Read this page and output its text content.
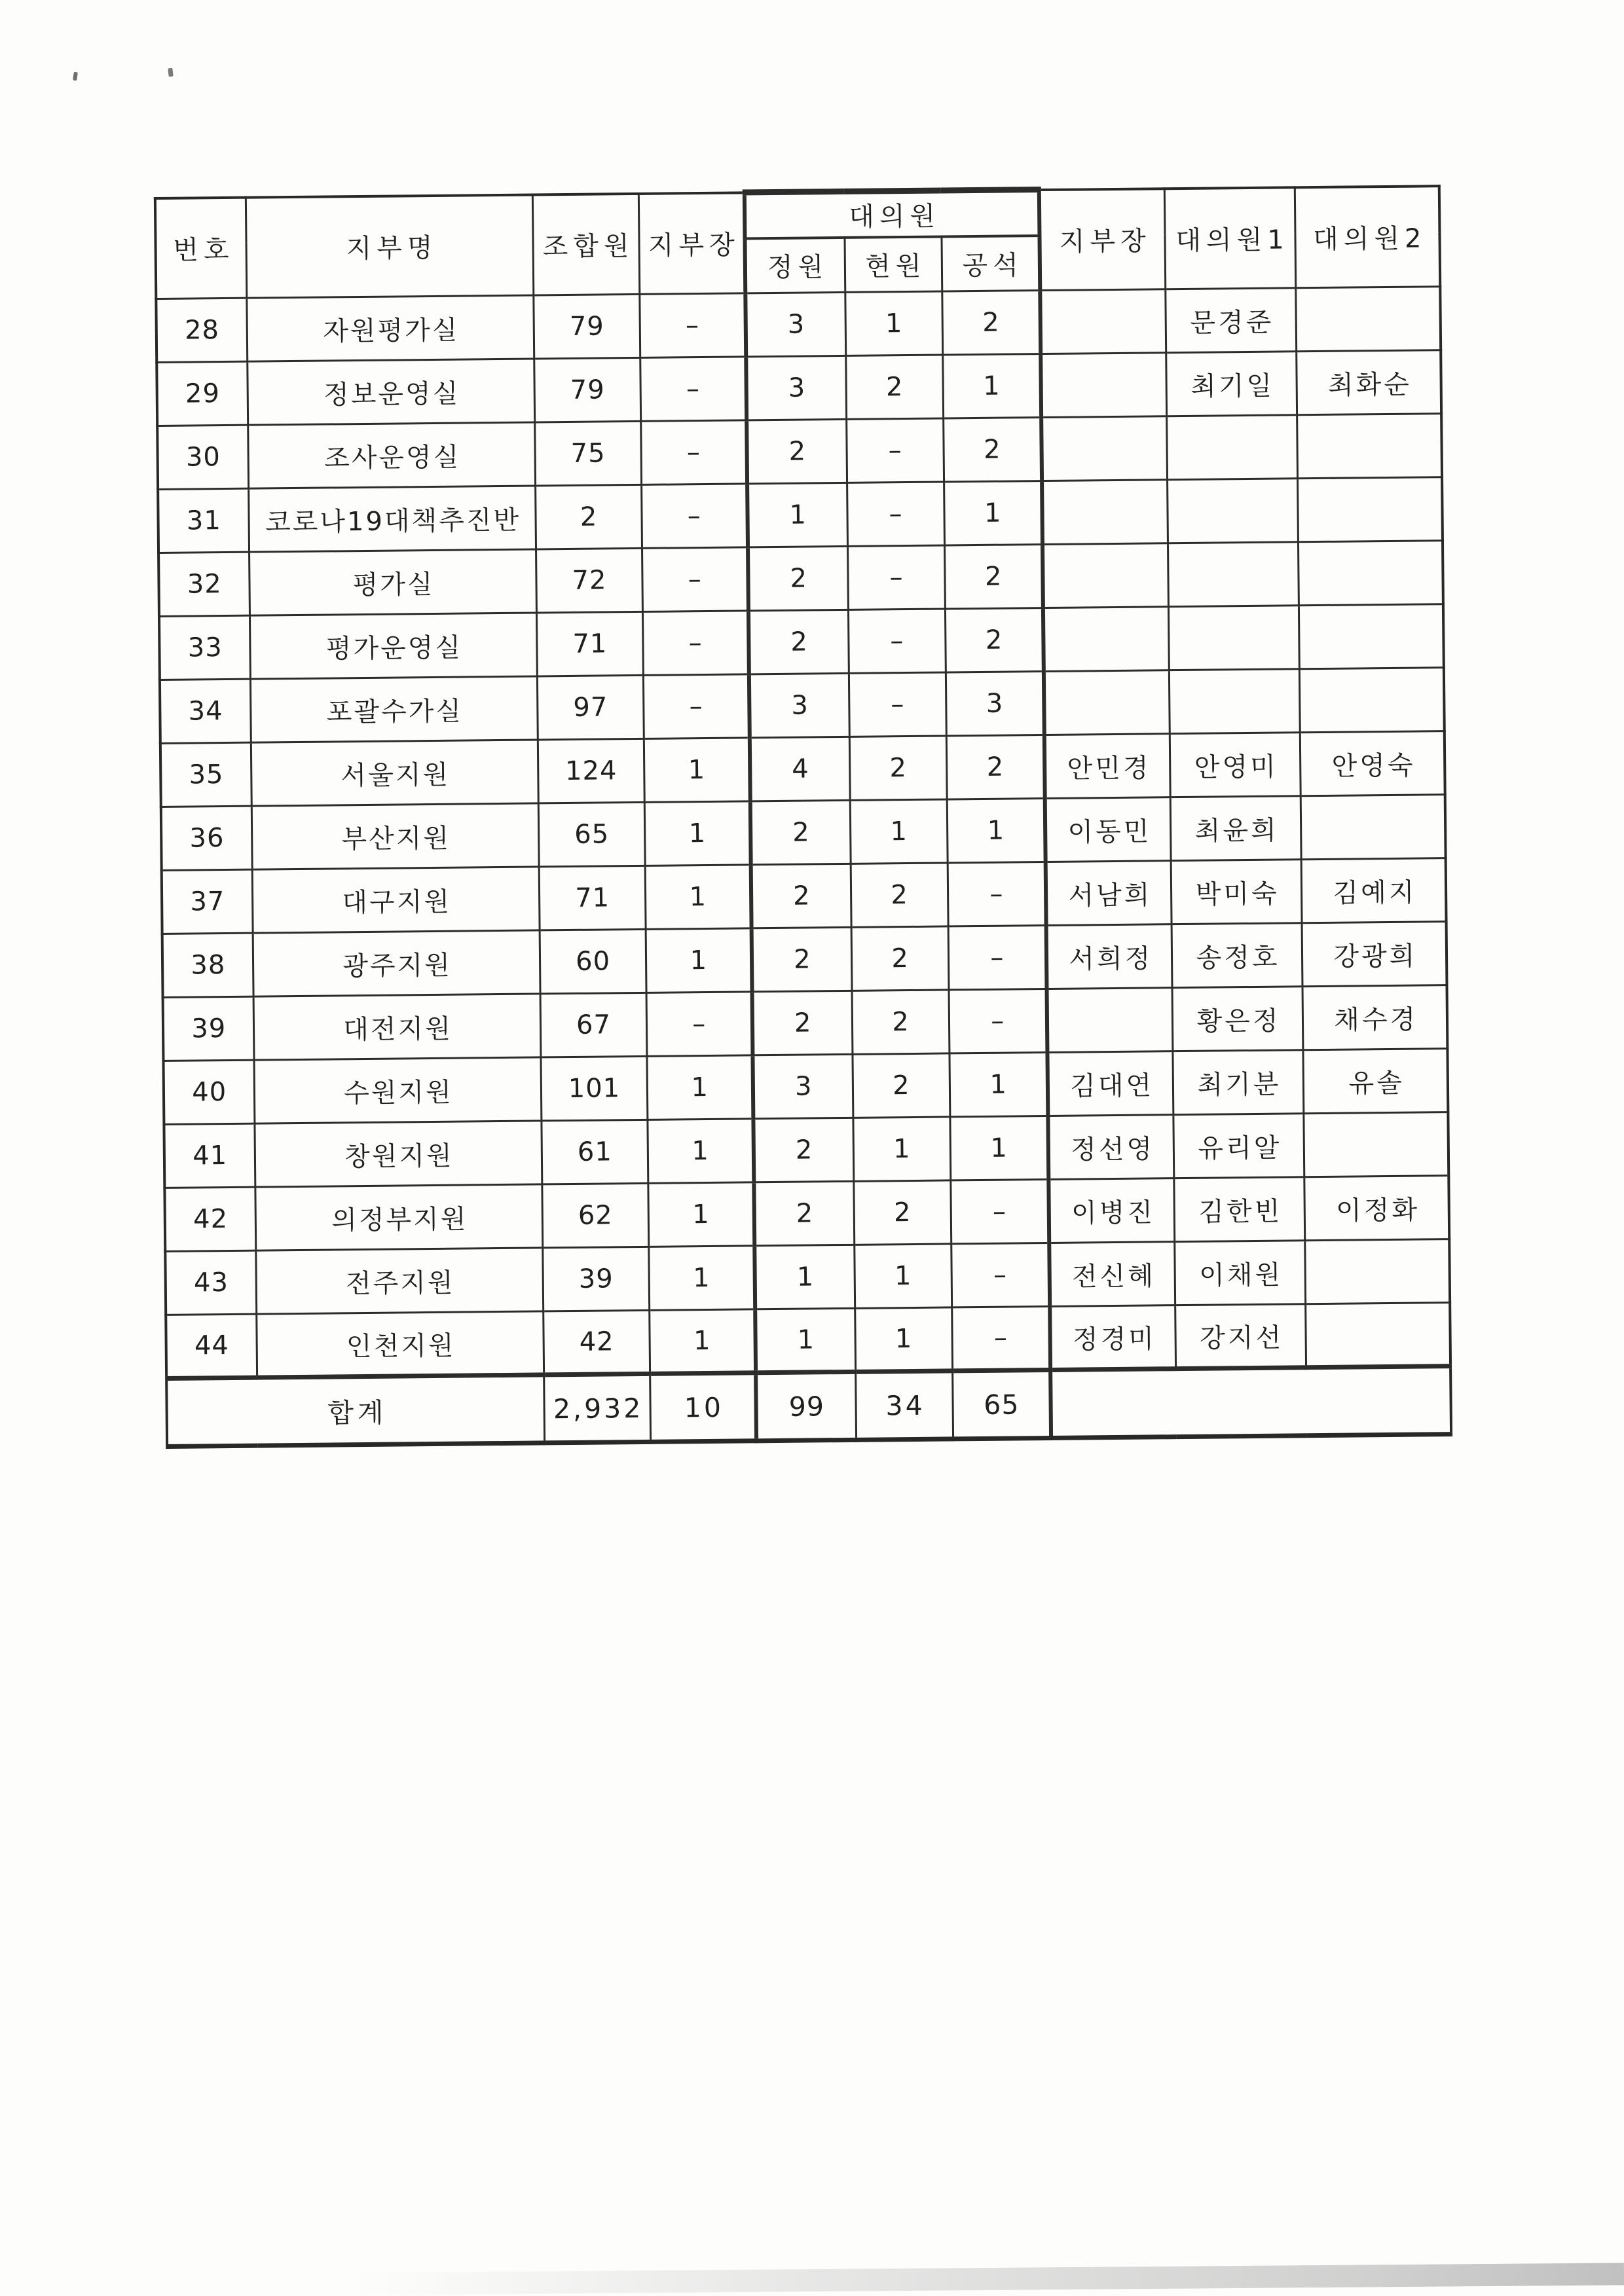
번호	지부명	조합원	지부장	대의원			지부장	대의원1	대의원2
				정원	현원	공석			
28	자원평가실	79	–	3	1	2		문경준	
29	정보운영실	79	–	3	2	1		최기일	최화순
30	조사운영실	75	–	2	–	2			
31	코로나19대책추진반	2	–	1	–	1			
32	평가실	72	–	2	–	2			
33	평가운영실	71	–	2	–	2			
34	포괄수가실	97	–	3	–	3			
35	서울지원	124	1	4	2	2	안민경	안영미	안영숙
36	부산지원	65	1	2	1	1	이동민	최윤희	
37	대구지원	71	1	2	2	–	서남희	박미숙	김예지
38	광주지원	60	1	2	2	–	서희정	송정호	강광희
39	대전지원	67	–	2	2	–		황은정	채수경
40	수원지원	101	1	3	2	1	김대연	최기분	유솔
41	창원지원	61	1	2	1	1	정선영	유리알	
42	의정부지원	62	1	2	2	–	이병진	김한빈	이정화
43	전주지원	39	1	1	1	–	전신혜	이채원	
44	인천지원	42	1	1	1	–	정경미	강지선	
합계		2,932	10	99	34	65			
